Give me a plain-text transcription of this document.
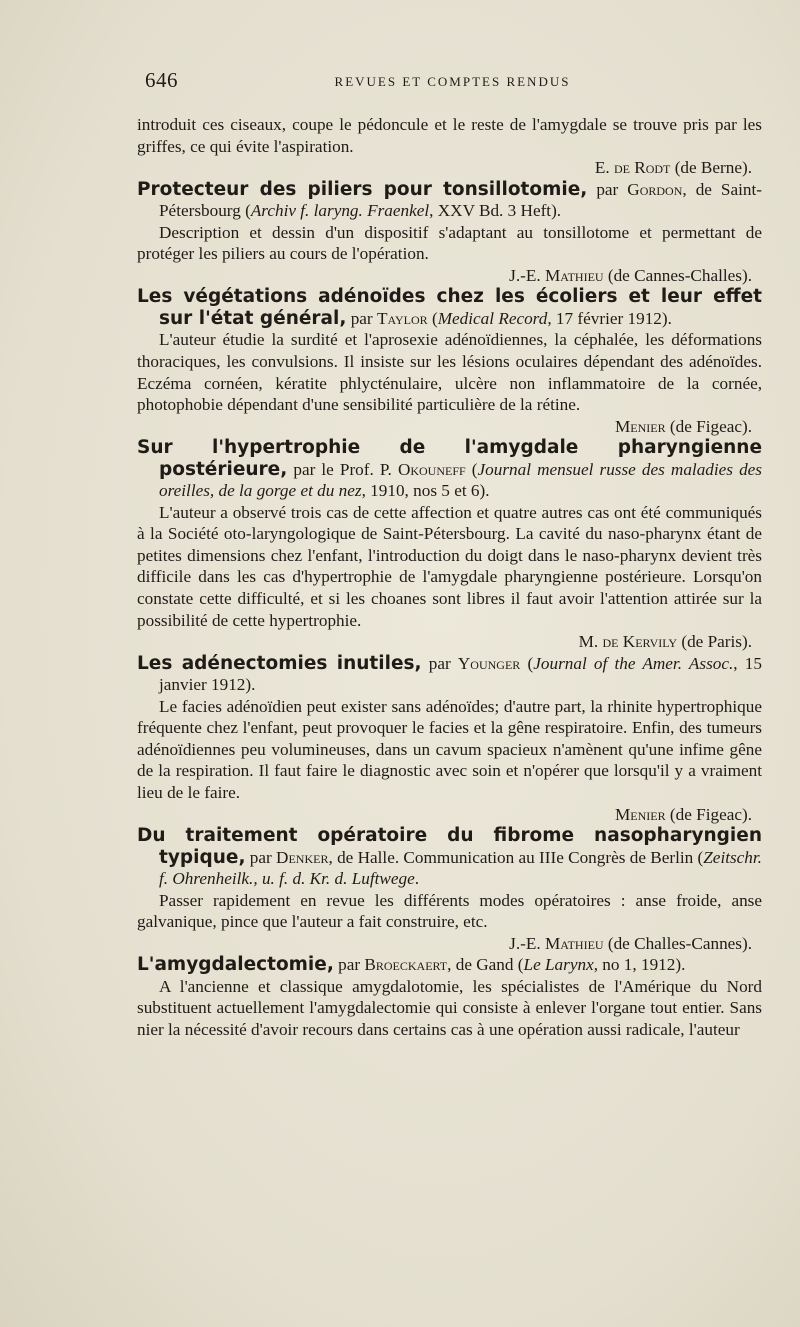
646	REVUES ET COMPTES RENDUS

introduit ces ciseaux, coupe le pédoncule et le reste de l'amygdale se trouve pris par les griffes, ce qui évite l'aspiration.

E. de Rodt (de Berne).

Protecteur des piliers pour tonsillotomie, par Gordon, de Saint-Pétersbourg (Archiv f. laryng. Fraenkel, XXV Bd. 3 Heft).

Description et dessin d'un dispositif s'adaptant au tonsillotome et permettant de protéger les piliers au cours de l'opération.

J.-E. Mathieu (de Cannes-Challes).

Les végétations adénoïdes chez les écoliers et leur effet sur l'état général, par Taylor (Medical Record, 17 février 1912).

L'auteur étudie la surdité et l'aprosexie adénoïdiennes, la céphalée, les déformations thoraciques, les convulsions. Il insiste sur les lésions oculaires dépendant des adénoïdes. Eczéma cornéen, kératite phlycténulaire, ulcère non inflammatoire de la cornée, photophobie dépendant d'une sensibilité particulière de la rétine.

Menier (de Figeac).

Sur l'hypertrophie de l'amygdale pharyngienne postérieure, par le Prof. P. Okouneff (Journal mensuel russe des maladies des oreilles, de la gorge et du nez, 1910, nos 5 et 6).

L'auteur a observé trois cas de cette affection et quatre autres cas ont été communiqués à la Société oto-laryngologique de Saint-Pétersbourg. La cavité du naso-pharynx étant de petites dimensions chez l'enfant, l'introduction du doigt dans le naso-pharynx devient très difficile dans les cas d'hypertrophie de l'amygdale pharyngienne postérieure. Lorsqu'on constate cette difficulté, et si les choanes sont libres il faut avoir l'attention attirée sur la possibilité de cette hypertrophie.

M. de Kervily (de Paris).

Les adénectomies inutiles, par Younger (Journal of the Amer. Assoc., 15 janvier 1912).

Le facies adénoïdien peut exister sans adénoïdes; d'autre part, la rhinite hypertrophique fréquente chez l'enfant, peut provoquer le facies et la gêne respiratoire. Enfin, des tumeurs adénoïdiennes peu volumineuses, dans un cavum spacieux n'amènent qu'une infime gêne de la respiration. Il faut faire le diagnostic avec soin et n'opérer que lorsqu'il y a vraiment lieu de le faire.

Menier (de Figeac).

Du traitement opératoire du fibrome nasopharyngien typique, par Denker, de Halle. Communication au IIIe Congrès de Berlin (Zeitschr. f. Ohrenheilk., u. f. d. Kr. d. Luftwege.

Passer rapidement en revue les différents modes opératoires : anse froide, anse galvanique, pince que l'auteur a fait construire, etc.

J.-E. Mathieu (de Challes-Cannes).

L'amygdalectomie, par Broeckaert, de Gand (Le Larynx, no 1, 1912).

A l'ancienne et classique amygdalotomie, les spécialistes de l'Amérique du Nord substituent actuellement l'amygdalectomie qui consiste à enlever l'organe tout entier. Sans nier la nécessité d'avoir recours dans certains cas à une opération aussi radicale, l'auteur
